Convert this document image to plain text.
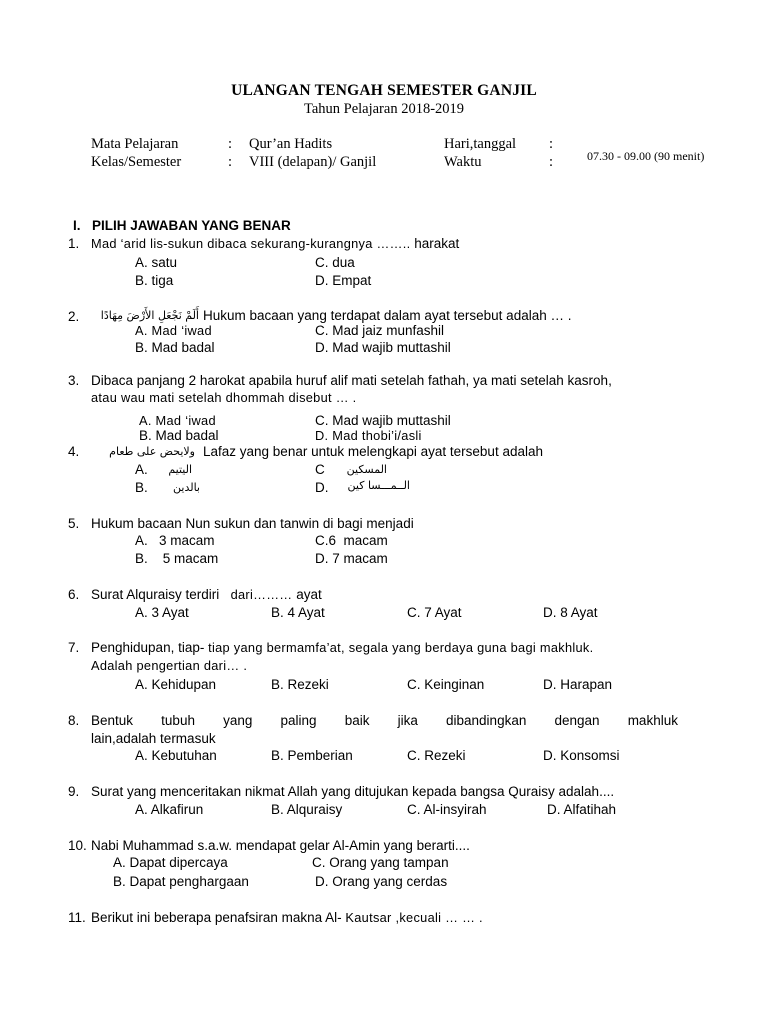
ULANGAN TENGAH SEMESTER GANJIL
Tahun Pelajaran 2018-2019
Mata Pelajaran	: Qur’an Hadits	Hari,tanggal :
Kelas/Semester	: VIII (delapan)/ Ganjil	Waktu	:	07.30 - 09.00 (90 menit)
I. PILIH JAWABAN YANG BENAR
1. Mad ‘arid lis-sukun dibaca sekurang-kurangnya …….. harakat
A. satu	C. dua
B. tiga	D. Empat
2.	أَلَمْ نَجْعَلِ الأَرْضَ مِهَادًا Hukum bacaan yang terdapat dalam ayat tersebut adalah … .
A. Mad ‘iwad	C. Mad jaiz munfashil
B. Mad badal	D. Mad wajib muttashil
3. Dibaca panjang 2 harokat apabila huruf alif mati setelah fathah, ya mati setelah kasroh,
atau wau mati setelah dhommah disebut … .
A. Mad ‘iwad	C. Mad wajib muttashil
B. Mad badal	D. Mad thobi’i/asli
4.	ولايحض على طعام Lafaz yang benar untuk melengkapi ayat tersebut adalah
A.	اليتيم	C	المسكين
B.	بالدين	D.	الــمـــسا كين
5. Hukum bacaan Nun sukun dan tanwin di bagi menjadi
A.   3 macam	C.6  macam
B.    5 macam	D. 7 macam
6. Surat Alquraisy terdiri dari……… ayat
A. 3 Ayat	B. 4 Ayat	C. 7 Ayat	D. 8 Ayat
7. Penghidupan, tiap- tiap yang bermamfa’at, segala yang berdaya guna bagi makhluk.
Adalah pengertian dari… .
A. Kehidupan	B. Rezeki	C. Keinginan	D. Harapan
8. Bentuk tubuh yang paling baik jika dibandingkan dengan makhluk
lain,adalah termasuk
A. Kebutuhan	B. Pemberian	C. Rezeki	D. Konsomsi
9. Surat yang menceritakan nikmat Allah yang ditujukan kepada bangsa Quraisy adalah....
A. Alkafirun	B. Alquraisy	C. Al-insyirah	D. Alfatihah
10. Nabi Muhammad s.a.w. mendapat gelar Al-Amin yang berarti....
A. Dapat dipercaya	C. Orang yang tampan
B. Dapat penghargaan	D. Orang yang cerdas
11. Berikut ini beberapa penafsiran makna Al- Kautsar ,kecuali … … .
